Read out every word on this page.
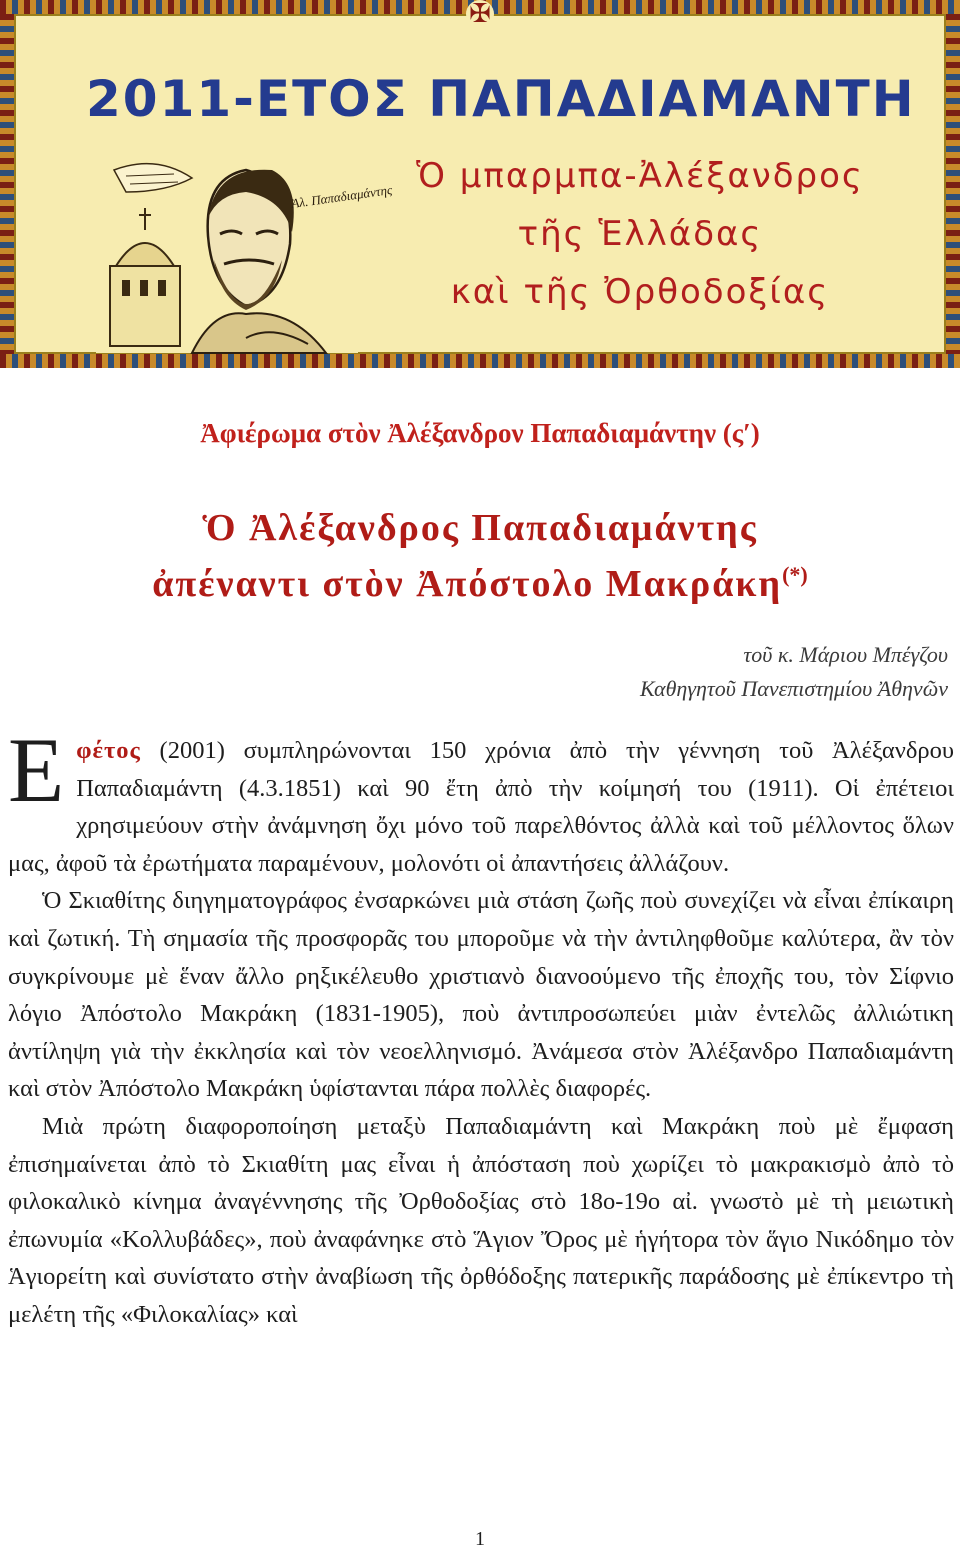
✠
2011-ΕΤΟΣ ΠΑΠΑΔΙΑΜΑΝΤΗ
Ἀλ. Παπαδιαμάντης
Ὁ μπαρμπα-Ἀλέξανδρος
τῆς Ἑλλάδας
καὶ τῆς Ὀρθοδοξίας
Ἀφιέρωμα στὸν Ἀλέξανδρον Παπαδιαμάντην (ς′)
Ὁ Ἀλέξανδρος Παπαδιαμάντης
ἀπέναντι στὸν Ἀπόστολο Μακράκη(*)
τοῦ κ. Μάριου Μπέγζου
Καθηγητοῦ Πανεπιστημίου Ἀθηνῶν

Εφέτος (2001) συμπληρώνονται 150 χρόνια ἀπὸ τὴν γέννηση τοῦ Ἀλέξανδρου Παπαδιαμάντη (4.3.1851) καὶ 90 ἔτη ἀπὸ τὴν κοίμησή του (1911). Οἱ ἐπέτειοι χρησιμεύουν στὴν ἀνάμνηση ὄχι μόνο τοῦ παρελθόντος ἀλλὰ καὶ τοῦ μέλλοντος ὅλων μας, ἀφοῦ τὰ ἐρωτήματα παραμένουν, μολονότι οἱ ἀπαντήσεις ἀλλάζουν.

Ὁ Σκιαθίτης διηγηματογράφος ἐνσαρκώνει μιὰ στάση ζωῆς ποὺ συνεχίζει νὰ εἶναι ἐπίκαιρη καὶ ζωτική. Τὴ σημασία τῆς προσφορᾶς του μποροῦμε νὰ τὴν ἀντιληφθοῦμε καλύτερα, ἂν τὸν συγκρίνουμε μὲ ἕναν ἄλλο ρηξικέλευθο χριστιανὸ διανοούμενο τῆς ἐποχῆς του, τὸν Σίφνιο λόγιο Ἀπόστολο Μακράκη (1831-1905), ποὺ ἀντιπροσωπεύει μιὰν ἐντελῶς ἀλλιώτικη ἀντίληψη γιὰ τὴν ἐκκλησία καὶ τὸν νεοελληνισμό. Ἀνάμεσα στὸν Ἀλέξανδρο Παπαδιαμάντη καὶ στὸν Ἀπόστολο Μακράκη ὑφίστανται πάρα πολλὲς διαφορές.

Μιὰ πρώτη διαφοροποίηση μεταξὺ Παπαδιαμάντη καὶ Μακράκη ποὺ μὲ ἔμφαση ἐπισημαίνεται ἀπὸ τὸ Σκιαθίτη μας εἶναι ἡ ἀπόσταση ποὺ χωρίζει τὸ μακρακισμὸ ἀπὸ τὸ φιλοκαλικὸ κίνημα ἀναγέννησης τῆς Ὀρθοδοξίας στὸ 18ο-19ο αἰ. γνωστὸ μὲ τὴ μειωτικὴ ἐπωνυμία «Κολλυβάδες», ποὺ ἀναφάνηκε στὸ Ἅγιον Ὄρος μὲ ἡγήτορα τὸν ἅγιο Νικόδημο τὸν Ἁγιορείτη καὶ συνίστατο στὴν ἀναβίωση τῆς ὀρθόδοξης πατερικῆς παράδοσης μὲ ἐπίκεντρο τὴ μελέτη τῆς «Φιλοκαλίας» καὶ

1
